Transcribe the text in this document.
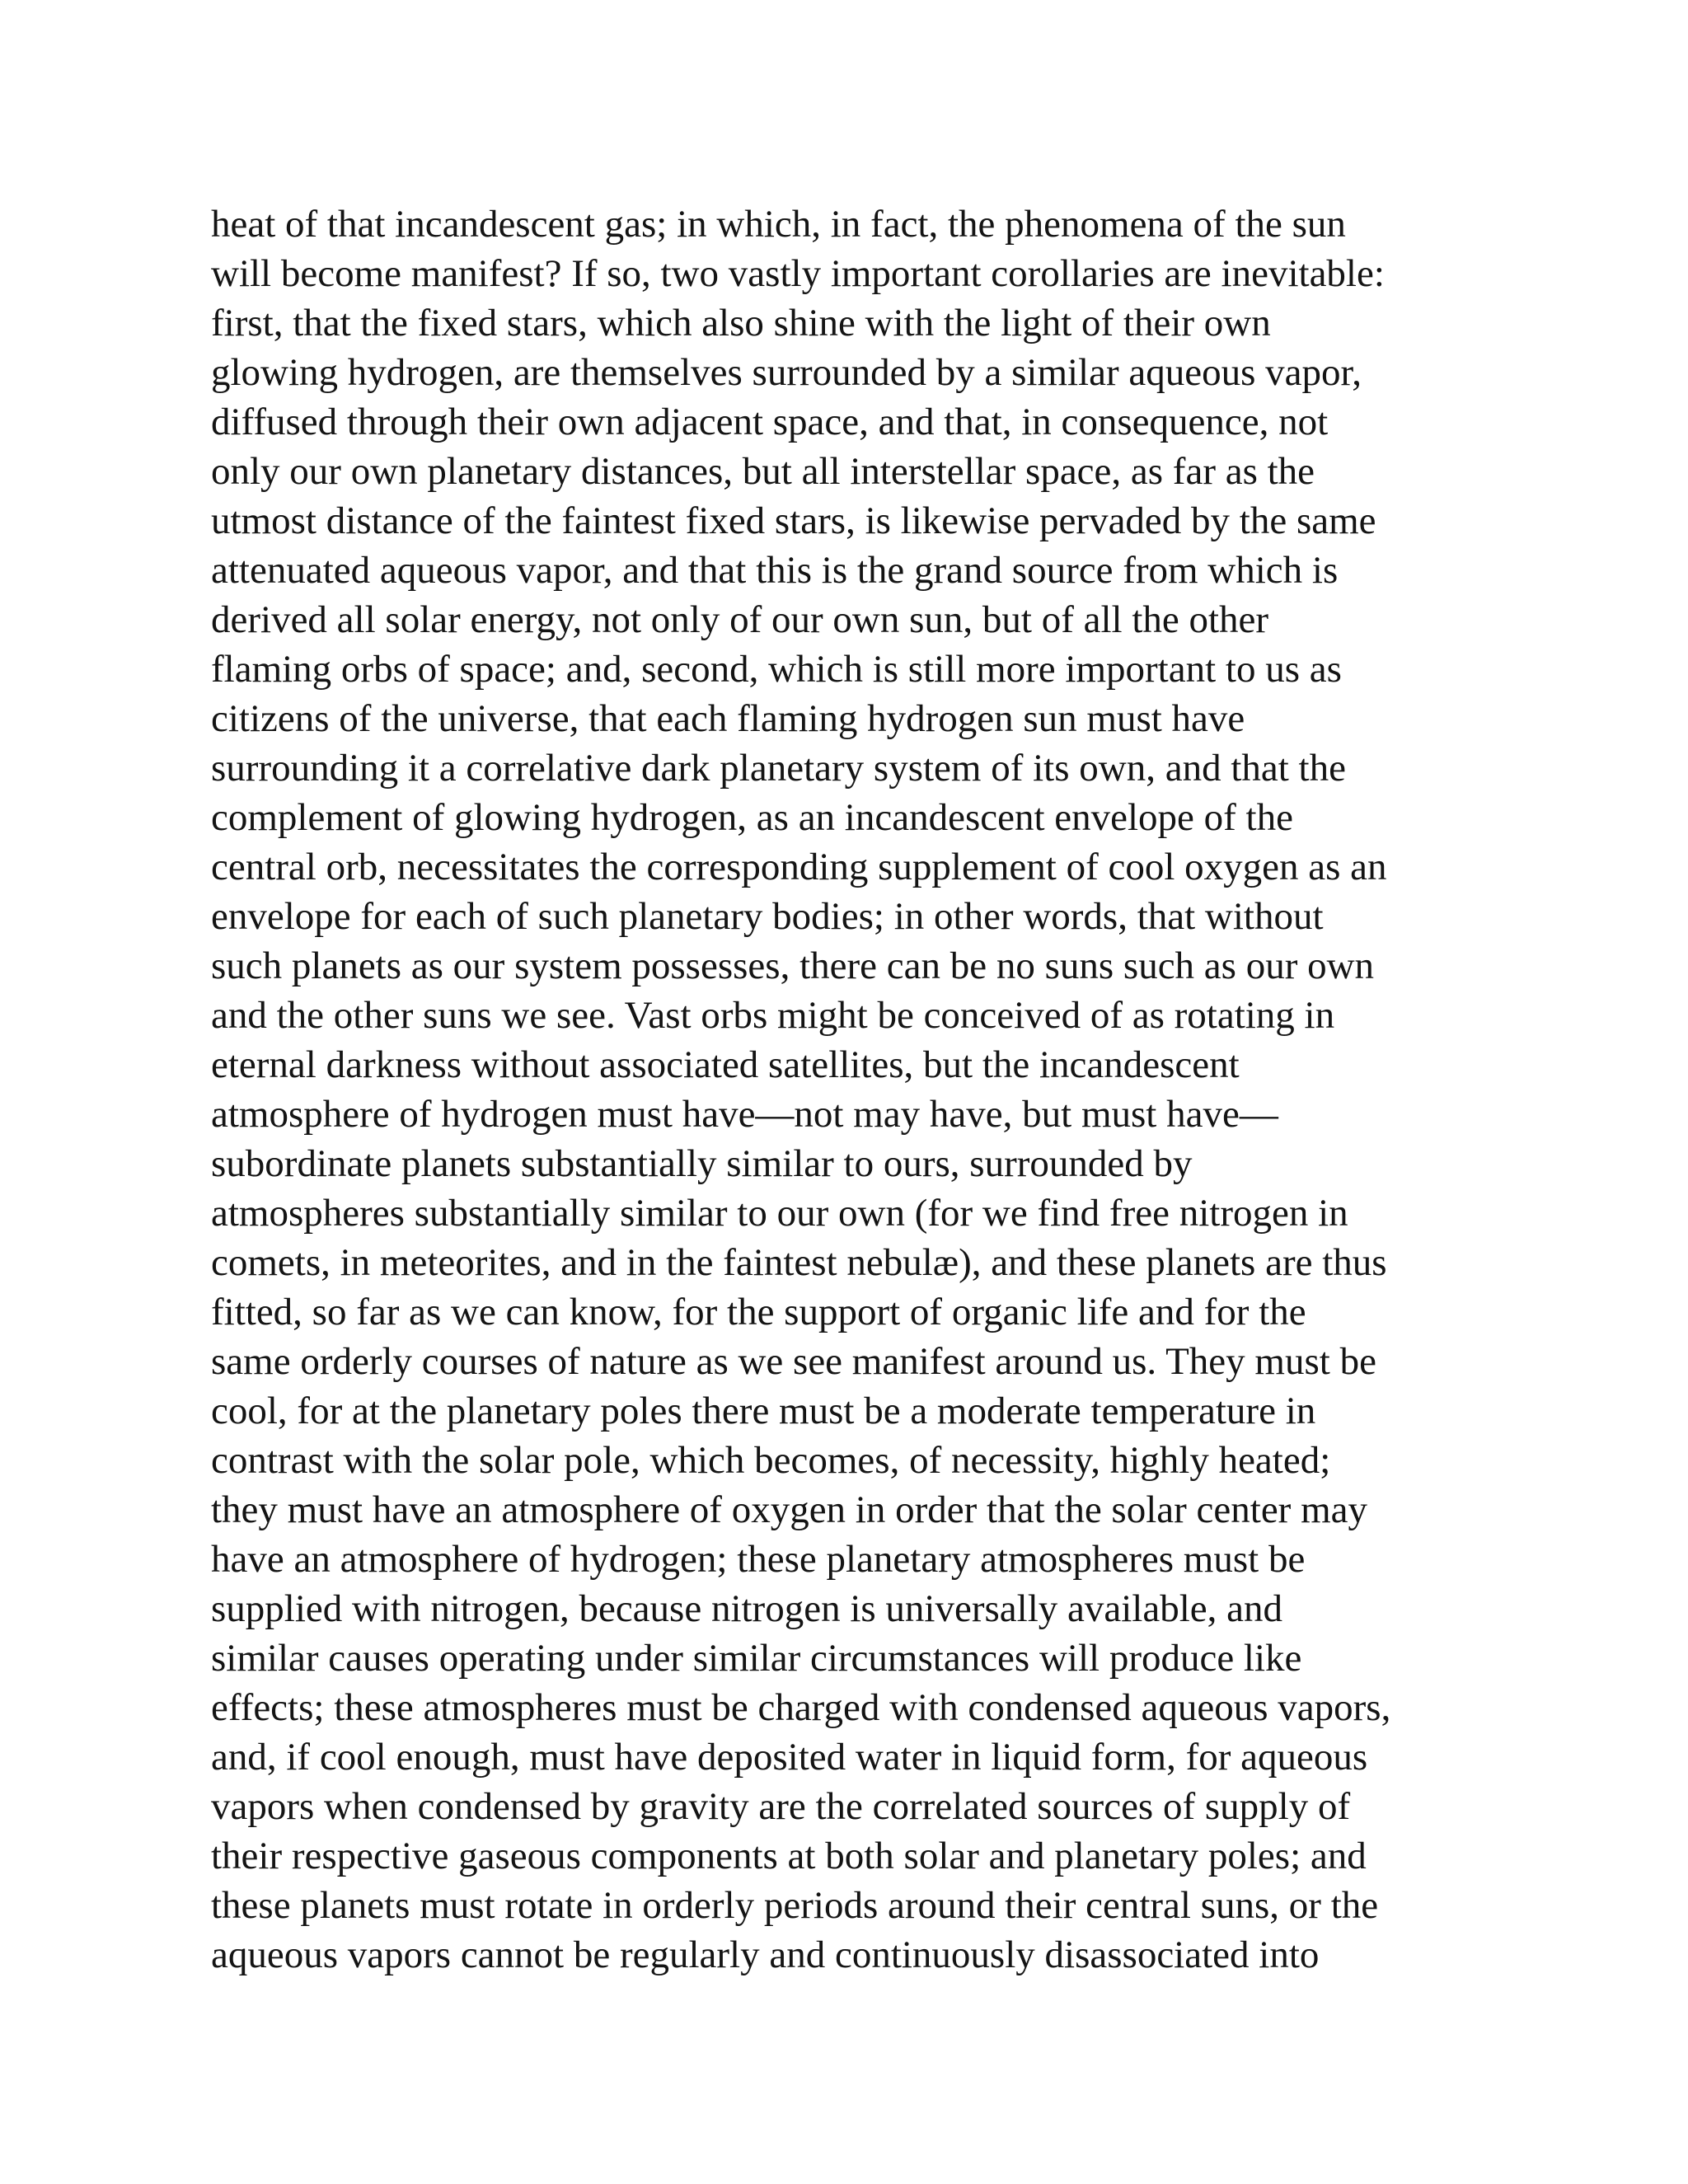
heat of that incandescent gas; in which, in fact, the phenomena of the sun
will become manifest? If so, two vastly important corollaries are inevitable:
first, that the fixed stars, which also shine with the light of their own
glowing hydrogen, are themselves surrounded by a similar aqueous vapor,
diffused through their own adjacent space, and that, in consequence, not
only our own planetary distances, but all interstellar space, as far as the
utmost distance of the faintest fixed stars, is likewise pervaded by the same
attenuated aqueous vapor, and that this is the grand source from which is
derived all solar energy, not only of our own sun, but of all the other
flaming orbs of space; and, second, which is still more important to us as
citizens of the universe, that each flaming hydrogen sun must have
surrounding it a correlative dark planetary system of its own, and that the
complement of glowing hydrogen, as an incandescent envelope of the
central orb, necessitates the corresponding supplement of cool oxygen as an
envelope for each of such planetary bodies; in other words, that without
such planets as our system possesses, there can be no suns such as our own
and the other suns we see. Vast orbs might be conceived of as rotating in
eternal darkness without associated satellites, but the incandescent
atmosphere of hydrogen must have—not may have, but must have—
subordinate planets substantially similar to ours, surrounded by
atmospheres substantially similar to our own (for we find free nitrogen in
comets, in meteorites, and in the faintest nebulæ), and these planets are thus
fitted, so far as we can know, for the support of organic life and for the
same orderly courses of nature as we see manifest around us. They must be
cool, for at the planetary poles there must be a moderate temperature in
contrast with the solar pole, which becomes, of necessity, highly heated;
they must have an atmosphere of oxygen in order that the solar center may
have an atmosphere of hydrogen; these planetary atmospheres must be
supplied with nitrogen, because nitrogen is universally available, and
similar causes operating under similar circumstances will produce like
effects; these atmospheres must be charged with condensed aqueous vapors,
and, if cool enough, must have deposited water in liquid form, for aqueous
vapors when condensed by gravity are the correlated sources of supply of
their respective gaseous components at both solar and planetary poles; and
these planets must rotate in orderly periods around their central suns, or the
aqueous vapors cannot be regularly and continuously disassociated into
